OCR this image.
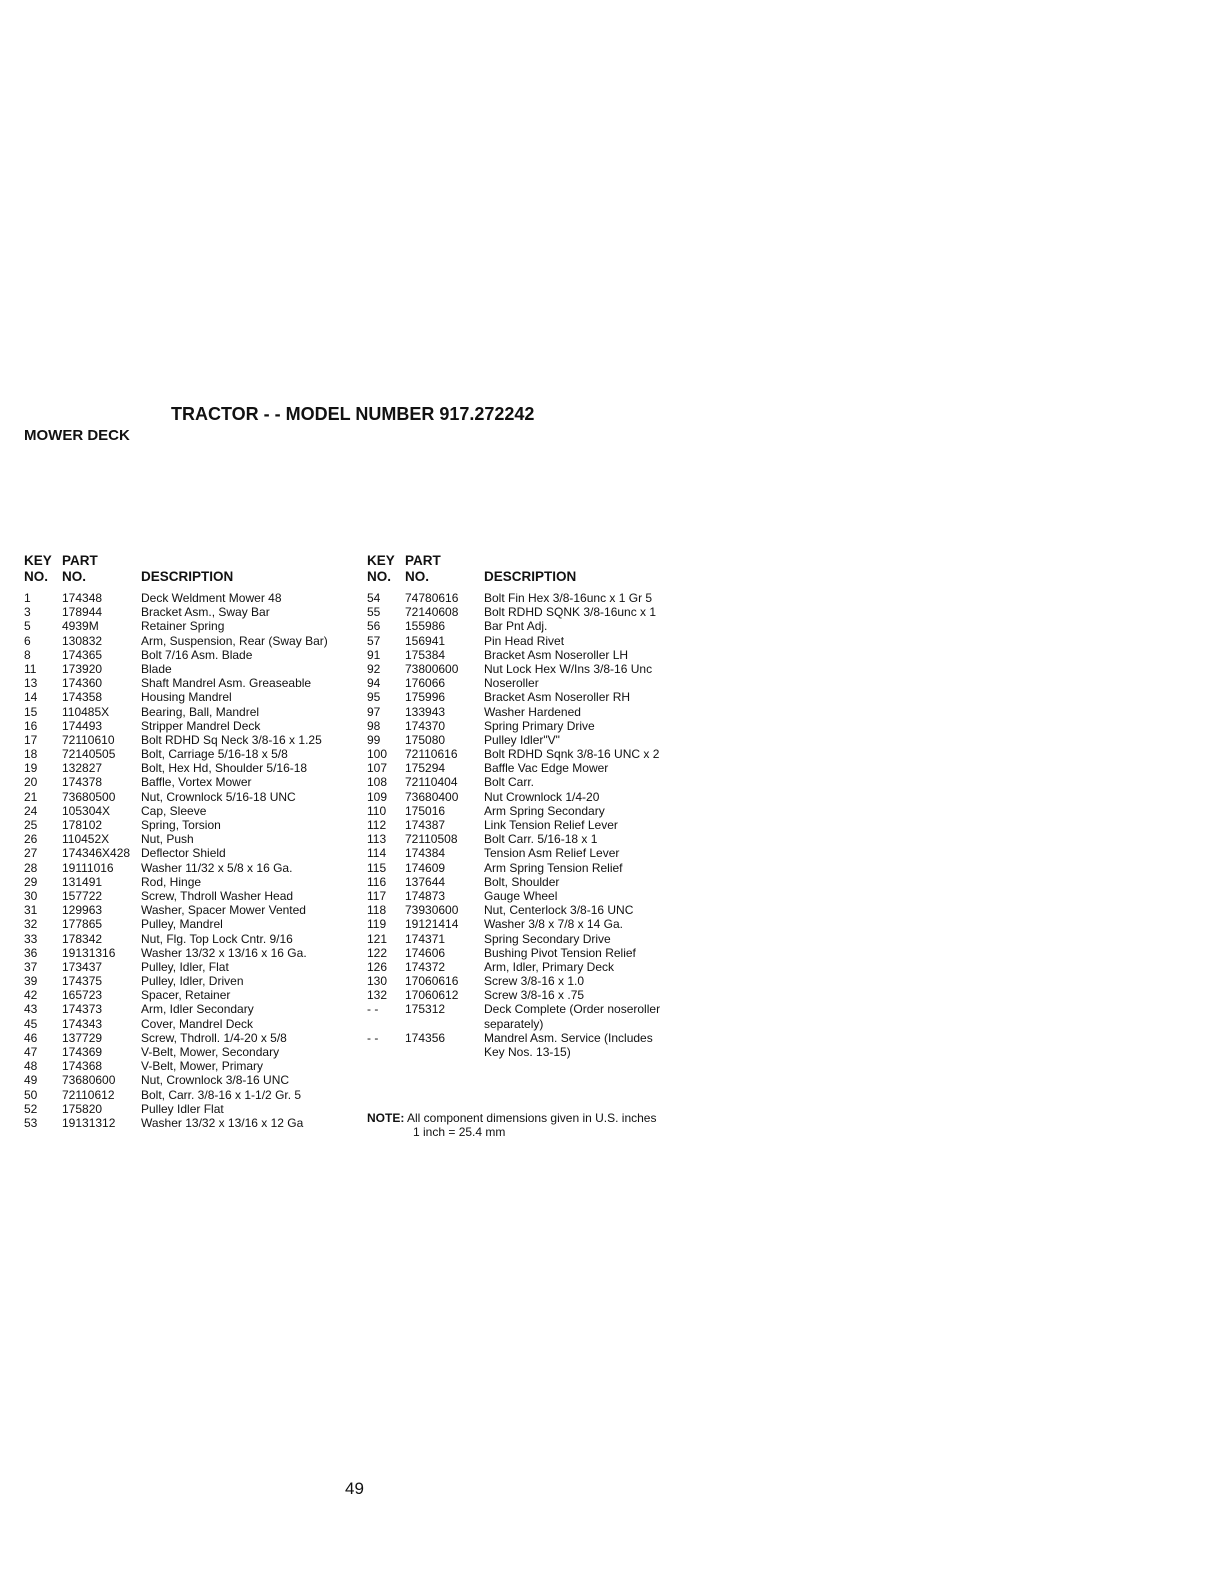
TRACTOR - - MODEL NUMBER 917.272242
MOWER DECK
KEY
NO.
PART
NO.	DESCRIPTION
1	174348	Deck Weldment Mower 48
3	178944	Bracket Asm., Sway Bar
5	4939M	Retainer Spring
6	130832	Arm, Suspension, Rear (Sway Bar)
8	174365	Bolt 7/16 Asm. Blade
11 173920	Blade
13 174360	Shaft Mandrel Asm. Greaseable
14 174358	Housing Mandrel
15 110485X	Bearing, Ball, Mandrel
16 174493	Stripper Mandrel Deck
17 72110610 Bolt RDHD Sq Neck 3/8-16 x 1.25
18 72140505 Bolt, Carriage 5/16-18 x 5/8
19 132827	Bolt, Hex Hd, Shoulder 5/16-18
20 174378	Baffle, Vortex Mower
21 73680500 Nut, Crownlock 5/16-18 UNC
24 105304X	Cap, Sleeve
25 178102	Spring, Torsion
26 110452X	Nut, Push
27 174346X428 Deflector Shield
28 19111016 Washer 11/32 x 5/8 x 16 Ga.
29 131491	Rod, Hinge
30 157722	Screw, Thdroll Washer Head
31 129963	Washer, Spacer Mower Vented
32 177865	Pulley, Mandrel
33 178342	Nut, Flg. Top Lock Cntr. 9/16
36 19131316 Washer 13/32 x 13/16 x 16 Ga.
37 173437	Pulley, Idler, Flat
39 174375	Pulley, Idler, Driven
42 165723	Spacer, Retainer
43 174373	Arm, Idler Secondary
45 174343	Cover, Mandrel Deck
46 137729	Screw, Thdroll. 1/4-20 x 5/8
47 174369	V-Belt, Mower, Secondary
48 174368	V-Belt, Mower, Primary
49 73680600 Nut, Crownlock 3/8-16 UNC
50 72110612 Bolt, Carr. 3/8-16 x 1-1/2 Gr. 5
52 175820	Pulley Idler Flat
53 19131312 Washer 13/32 x 13/16 x 12 Ga
KEY
NO.
PART
NO.	DESCRIPTION
54 74780616 Bolt Fin Hex 3/8-16unc x 1 Gr 5
55 72140608 Bolt RDHD SQNK 3/8-16unc x 1
56 155986	Bar Pnt Adj.
57 156941	Pin Head Rivet
91 175384	Bracket Asm Noseroller LH
92 73800600 Nut Lock Hex W/Ins 3/8-16 Unc
94 176066	Noseroller
95 175996	Bracket Asm Noseroller RH
97 133943	Washer Hardened
98 174370	Spring Primary Drive
99 175080	Pulley Idler"V"
100 72110616 Bolt RDHD Sqnk 3/8-16 UNC x 2
107 175294	Baffle Vac Edge Mower
108 72110404 Bolt Carr.
109 73680400 Nut Crownlock 1/4-20
110 175016	Arm Spring Secondary
112 174387	Link Tension Relief Lever
113 72110508 Bolt Carr. 5/16-18 x 1
114 174384	Tension Asm Relief Lever
115 174609	Arm Spring Tension Relief
116 137644	Bolt, Shoulder
117 174873	Gauge Wheel
118 73930600 Nut, Centerlock 3/8-16 UNC
119 19121414 Washer 3/8 x 7/8 x 14 Ga.
121 174371	Spring Secondary Drive
122 174606	Bushing Pivot Tension Relief
126 174372	Arm, Idler, Primary Deck
130 17060616 Screw 3/8-16 x 1.0
132 17060612 Screw 3/8-16 x .75
- - 175312	Deck Complete (Order noseroller
separately)
- - 174356	Mandrel Asm. Service (Includes
Key Nos. 13-15)
NOTE: All component dimensions given in U.S. inches
1 inch = 25.4 mm
49
